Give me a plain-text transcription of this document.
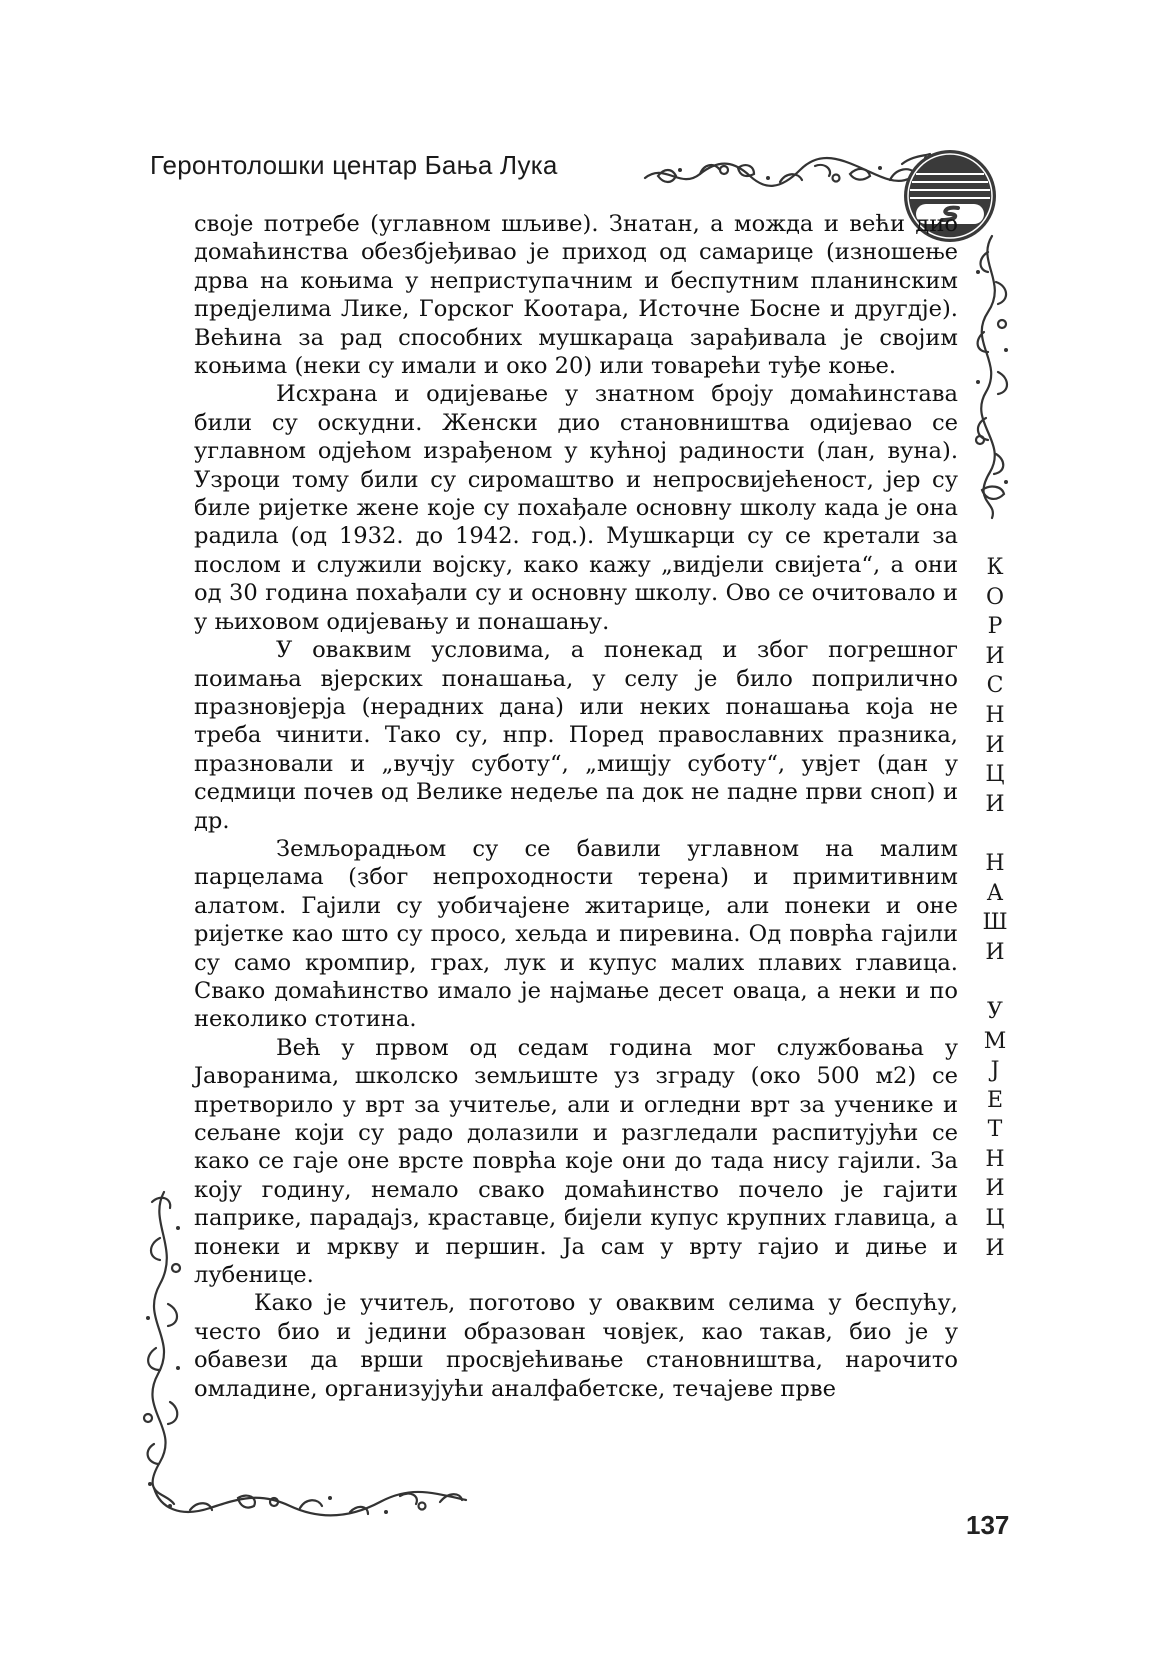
Геронтолошки центар Бања Лука

своје потребе (углавном шљиве). Знатан, а можда и већи дио домаћинства обезбјеђивао је приход од самарице (изношење дрва на коњима у неприступачним и беспутним планинским предјелима Лике, Горског Коотара, Источне Босне и другдје). Већина за рад способних мушкараца зарађивала је својим коњима (неки су имали и око 20) или товарећи туђе коње.

Исхрана и одијевање у знатном броју домаћинстава били су оскудни. Женски дио становништва одијевао се углавном одјећом израђеном у кућној радиности (лан, вуна). Узроци тому били су сиромаштво и непросвијећеност, јер су биле ријетке жене које су похађале основну школу када је она радила (од 1932. до 1942. год.). Мушкарци су се кретали за послом и служили војску, како кажу „видјели свијета“, а они од 30 година похађали су и основну школу. Ово се очитовало и у њиховом одијевању и понашању.

У оваквим условима, а понекад и због погрешног поимања вјерских понашања, у селу је било поприлично празновјерја (нерадних дана) или неких понашања која не треба чинити. Тако су, нпр. Поред православних празника, празновали и „вучју суботу“, „мишју суботу“, увјет (дан у седмици почев од Велике недеље па док не падне први сноп) и др.

Земљорадњом су се бавили углавном на малим парцелама (због непроходности терена) и примитивним алатом. Гајили су уобичајене житарице, али понеки и оне ријетке као што су просо, хељда и пиревина. Од поврћа гајили су само кромпир, грах, лук и купус малих плавих главица. Свако домаћинство имало је најмање десет оваца, а неки и по неколико стотина.

Већ у првом од седам година мог службовања у Јаворанима, школско земљиште уз зграду (око 500 м2) се претворило у врт за учитеље, али и огледни врт за ученике и сељане који су радо долазили и разгледали распитујући се како се гаје оне врсте поврћа које они до тада нису гајили. За коју годину, немало свако домаћинство почело је гајити паприке, парадајз, краставце, бијели купус крупних главица, а понеки и мркву и першин. Ја сам у врту гајио и диње и лубенице.

Како је учитељ, поготово у оваквим селима у беспућу, често био и једини образован човјек, као такав, био је у обавези да врши просвјећивање становништва, нарочито омладине, организујући аналфабетске, течајеве прве

К
О
Р
И
С
Н
И
Ц
И
Н
А
Ш
И
У
М
Ј
Е
Т
Н
И
Ц
И
137
